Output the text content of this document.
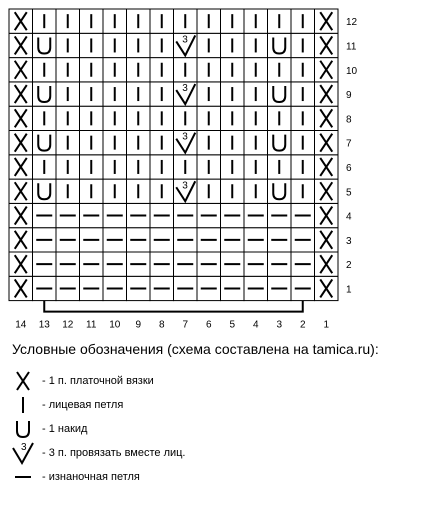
3
3
3
3
1
2
3
4
5
6
7
8
9
10
11
12
14 13 12 11 10 9 8 7 6 5 4 3 2 1
Условные обозначения (схема составлена на tamica.ru):
- 1 п. платочной вязки
- лицевая петля
- 1 накид
3 - 3 п. провязать вместе лиц.
- изнаночная петля
